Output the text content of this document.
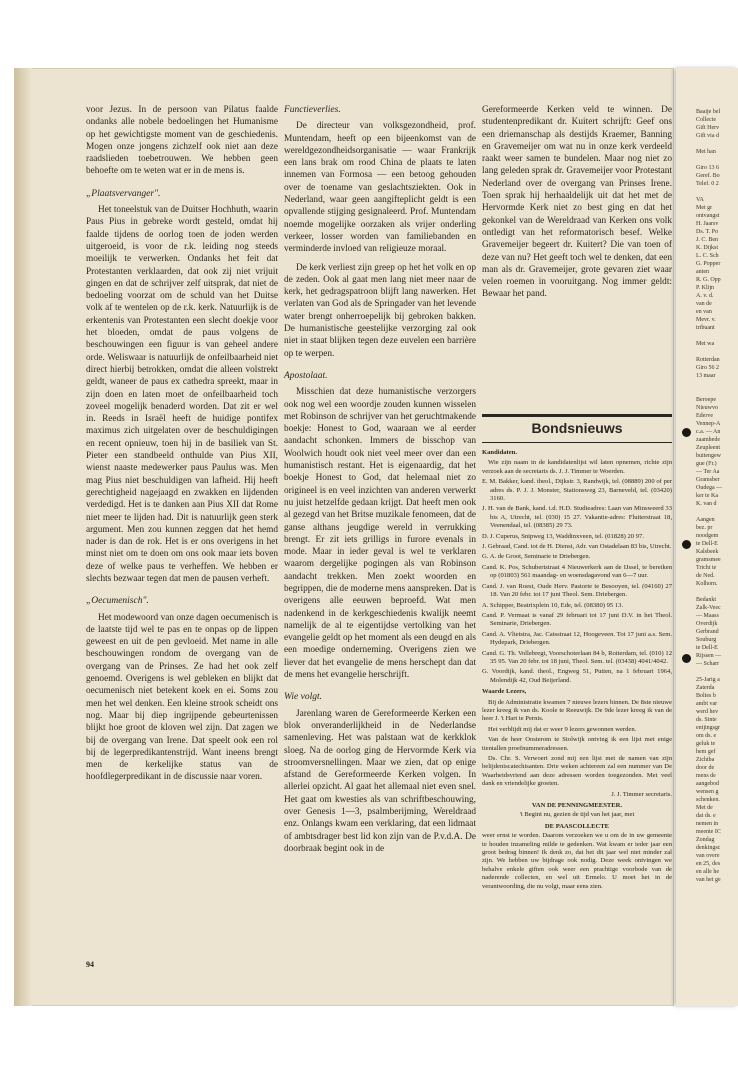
voor Jezus. In de persoon van Pilatus faalde ondanks alle nobele bedoelingen het Humanisme op het gewichtigste moment van de geschiedenis. Mogen onze jongens zichzelf ook niet aan deze raadslieden toebetrouwen. We hebben geen behoefte om te weten wat er in de mens is.

„Plaatsvervanger".

Het toneelstuk van de Duitser Hochhuth, waarin Paus Pius in gebreke wordt gesteld, omdat hij faalde tijdens de oorlog toen de joden werden uitgeroeid, is voor de r.k. leiding nog steeds moeilijk te verwerken. Ondanks het feit dat Protestanten verklaarden, dat ook zij niet vrijuit gingen en dat de schrijver zelf uitsprak, dat niet de bedoeling voorzat om de schuld van het Duitse volk af te wentelen op de r.k. kerk. Natuurlijk is de erkentenis van Protestanten een slecht doekje voor het bloeden, omdat de paus volgens de beschouwingen een figuur is van geheel andere orde. Weliswaar is natuurlijk de onfeilbaarheid niet direct hierbij betrokken, omdat die alleen volstrekt geldt, waneer de paus ex cathedra spreekt, maar in zijn doen en laten moet de onfeilbaarheid toch zoveel mogelijk benaderd worden. Dat zit er wel in. Reeds in Israël heeft de huidige pontifex maximus zich uitgelaten over de beschuldigingen en recent opnieuw, toen hij in de basiliek van St. Pieter een standbeeld onthulde van Pius XII, wienst naaste medewerker paus Paulus was. Men mag Pius niet beschuldigen van lafheid. Hij heeft gerechtigheid nagejaagd en zwakken en lijdenden verdedigd. Het is te danken aan Pius XII dat Rome niet meer te lijden had. Dit is natuurlijk geen sterk argument. Men zou kunnen zeggen dat het hemd nader is dan de rok. Het is er ons overigens in het minst niet om te doen om ons ook maar iets boven deze of welke paus te verheffen. We hebben er slechts bezwaar tegen dat men de pausen verheft.

„Oecumenisch".

Het modewoord van onze dagen oecumenisch is de laatste tijd wel te pas en te onpas op de lippen geweest en uit de pen gevloeid. Met name in alle beschouwingen rondom de overgang van de overgang van de Prinses. Ze had het ook zelf genoemd. Overigens is wel gebleken en blijkt dat oecumenisch niet betekent koek en ei. Soms zou men het wel denken. Een kleine strook scheidt ons nog. Maar bij diep ingrijpende gebeurtenissen blijkt hoe groot de kloven wel zijn. Dat zagen we bij de overgang van Irene. Dat speelt ook een rol bij de legerpredikantenstrijd. Want ineens brengt men de kerkelijke status van de hoofdlegerpredikant in de discussie naar voren.

Functieverlies.

De directeur van volksgezondheid, prof. Muntendam, heeft op een bijeenkomst van de wereldgezondheidsorganisatie — waar Frankrijk een lans brak om rood China de plaats te laten innemen van Formosa — een betoog gehouden over de toename van geslachtsziekten. Ook in Nederland, waar geen aangifteplicht geldt is een opvallende stijging gesignaleerd. Prof. Muntendam noemde mogelijke oorzaken als vrijer onderling verkeer, losser worden van familiebanden en verminderde invloed van religieuze moraal.

De kerk verliest zijn greep op het het volk en op de zeden. Ook al gaat men lang niet meer naar de kerk, het gedragspatroon blijft lang nawerken. Het verlaten van God als de Springader van het levende water brengt onherroepelijk bij gebroken bakken. De humanistische geestelijke verzorging zal ook niet in staat blijken tegen deze euvelen een barrière op te werpen.

Apostolaat.

Misschien dat deze humanistische verzorgers ook nog wel een woordje zouden kunnen wisselen met Robinson de schrijver van het geruchtmakende boekje: Honest to God, waaraan we al eerder aandacht schonken. Immers de bisschop van Woolwich houdt ook niet veel meer over dan een humanistisch restant. Het is eigenaardig, dat het boekje Honest to God, dat helemaal niet zo origineel is en veel inzichten van anderen verwerkt nu juist hetzelfde gedaan krijgt. Dat heeft men ook al gezegd van het Britse muzikale fenomeen, dat de ganse althans jeugdige wereld in verrukking brengt. Er zit iets grilligs in furore evenals in mode. Maar in ieder geval is wel te verklaren waarom dergelijke pogingen als van Robinson aandacht trekken. Men zoekt woorden en begrippen, die de moderne mens aanspreken. Dat is overigens alle eeuwen beproefd. Wat men nadenkend in de kerkgeschiedenis kwalijk neemt namelijk de al te eigentijdse vertolking van het evangelie geldt op het moment als een deugd en als een moedige onderneming. Overigens zien we liever dat het evangelie de mens herschept dan dat de mens het evangelie herschrijft.

Wie volgt.

Jarenlang waren de Gereformeerde Kerken een blok onveranderlijkheid in de Nederlandse samenleving. Het was palstaan wat de kerkklok sloeg. Na de oorlog ging de Hervormde Kerk via stroomversnellingen. Maar we zien, dat op enige afstand de Gereformeerde Kerken volgen. In allerlei opzicht. Al gaat het allemaal niet even snel. Het gaat om kwesties als van schriftbeschouwing, over Genesis 1—3, psalmberijming, Wereldraad enz. Onlangs kwam een verklaring, dat een lidmaat of ambtsdrager best lid kon zijn van de P.v.d.A. De doorbraak begint ook in de

Gereformeerde Kerken veld te winnen. De studentenpredikant dr. Kuitert schrijft: Geef ons een driemanschap als destijds Kraemer, Banning en Gravemeijer om wat nu in onze kerk verdeeld raakt weer samen te bundelen. Maar nog niet zo lang geleden sprak dr. Gravemeijer voor Protestant Nederland over de overgang van Prinses Irene. Toen sprak hij herhaaldelijk uit dat het met de Hervormde Kerk niet zo best ging en dat het gekonkel van de Wereldraad van Kerken ons volk ontledigt van het reformatorisch besef. Welke Gravemeijer begeert dr. Kuitert? Die van toen of deze van nu? Het geeft toch wel te denken, dat een man als dr. Gravemeijer, grote gevaren ziet waar velen roemen in vooruitgang. Nog immer geldt: Bewaar het pand.

Bondsnieuws
Kandidaten.

Wie zijn naam in de kandidatenlijst wil laten opnemen, richte zijn verzoek aan de secretaris ds. J. J. Timmer te Woerden.

E. M. Bakker, kand. theol., Dijkstr. 3, Randwijk, tel. (08889) 200 of per adres ds. P. J. J. Monster, Stationsweg 23, Barneveld, tel. (03420) 3160.
J. H. van de Bank, kand. t.d. H.D. Studieadres: Laan van Minsweerd 33 bis A, Utrecht, tel. (030) 15 27. Vakantie-adres: Fluiterstraat 18, Veenendaal, tel. (08385) 29 73.
D. J. Cuperus, Snipweg 13, Waddinxveen, tel. (01828) 20 97.
J. Gebraad, Cand. tot de H. Dienst, Adr. van Ostadelaan 83 bis, Utrecht.
G. A. de Groot, Seminarie te Driebergen.
Cand. K. Pos, Schubertstraat 4 Nieuwerkerk aan de IJssel, te bereiken op (01803) 561 maandag- en woensdagavond van 6—7 uur.
Cand. J. van Roest, Oude Herv. Pastorie te Besooyen, tel. (04160) 27 18. Van 20 febr. tot 17 juni Theol. Sem. Driebergen.
A. Schipper, Beatrixplein 10, Ede, tel. (08380) 95 13.
Cand. P. Vermaat is vanaf 29 februari tot 17 juni D.V. in het Theol. Seminarie, Driebergen.
Cand. A. Vlietstra, Jac. Catsstraat 12, Hoogeveen. Tot 17 juni a.s. Sem. Hydepark, Driebergen.
Cand. G. Th. Vollebregt, Voorschoterlaan 84 b, Rotterdam, tel. (010) 12 35 95. Van 20 febr. tot 18 juni, Theol. Sem. tel. (03438) 4041/4042.
G. Voordijk, kand. theol., Engweg 51, Putten, na 1 februari 1964, Molendijk 42, Oud Beijerland.
Waarde Lezers,

Bij de Administratie kwamen 7 nieuwe lezers binnen. De 8ste nieuwe lezer kreeg ik van ds. Koole te Reeuwijk. De 9de lezer kreeg ik van de heer J. 't Hart te Pernis.

Het verblijdt mij dat er weer 9 lezers gewonnen werden.

Van de heer Oosterom te Stolwijk ontving ik een lijst met enige tientallen proefnummeradressen.

Ds. Chr. S. Verwoert zond mij een lijst met de namen van zijn belijdeniscatechisanten. Drie weken achtereen zal een nummer van De Waarheidsvriend aan deze adressen worden toegezonden. Met veel dank en vriendelijke groeten.

J. J. Timmer secretaris.
VAN DE PENNINGMEESTER.

't Begint nu, gezien de tijd van het jaar, met

DE PAASCOLLECTE

weer ernst te worden. Daarom verzoeken we u om de in uw gemeente te houden inzameling milde te gedenken. Wat kwam er ieder jaar een groot bedrag binnen! Ik denk zo, dat het dit jaar wel niet minder zal zijn. We hebben uw bijdrage ook nodig. Deze week ontvingen we behalve enkele giften ook weer een prachtige voorbode van de naderende collecten, en wel uit Ermelo. U moet het in de verantwoording, die nu volgt, maar eens zien.

94
Baaije bel
Collecte
Gift Herv
Gift via d
Met han
Giro 13 6
Geref. Bo
Telef. 0 2
VA
Met gr
ontvangst
H. Jaarsv
Ds. T. Po
J. C. Ben
K. Dijkst
L. C. Sch
G. Popper
anten
R. G. Opp
P. Klijn
A. v. d.
van de
en van
Mevr. v.
tribuant
Met wa
Rotterdan
Giro 56 2
13 maar
Beroepe
Nieuwvo
Ederve
Vennep-A
c.a. — An
zaamhede
Zeupleent
buitengew
gue (Fr.)
— Ter Aa
Gramsber
Oudega —
ker te Ka
K. van d
Aangen
bez. pr
noodgem
te Dell-E
Kalsbeek
gramsmee
Tricht te
de Ned.
Kolhorn.
Bedankt
Zalk-Veec
— Maass
Overdijk
Gerbrand
Souburg
te Dell-E
Rijssen —
— Scharr
25-Jarig a
Zaterda
Boltes b
ambt var
werd hev
ds. Sinte
enijingsgr
om ds. e
geluk te
hem gef
Zichtba
door de
mens de
aangebod
wensen g
schenken.
Met de
dat ds. e
nemen in
meente IC
Zondag
denkingsc
van overe
en 25, des
en alle he
van het ge
